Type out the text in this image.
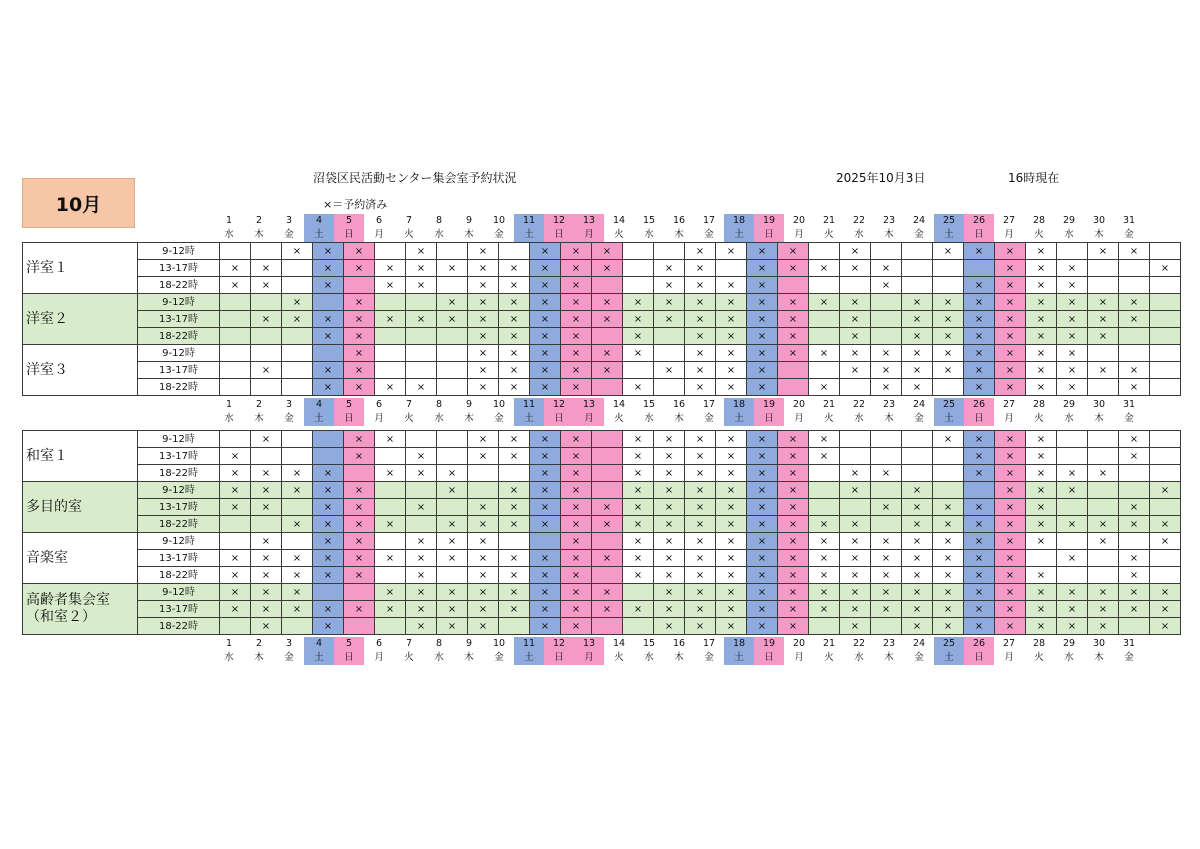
10月
沼袋区民活動センター集会室予約状況
×＝予約済み
2025年10月3日	16時現在
1	2	3	4	5	6	7	8	9	10	11	12	13	14	15	16	17	18	19	20	21	22	23	24	25	26	27	28	29	30	31
水	木	金	土	日	月	火	水	木	金	土	日	月	火	水	木	金	土	日	月	火	水	木	金	土	日	月	火	水	木	金
洋室１	9-12時			×	×	×		×		×		×	×	×			×	×	×	×		×			×	×	×	×		×	×	
	13-17時	×	×		×	×	×	×	×	×	×	×	×	×		×	×		×	×	×	×	×				×	×	×			×
	18-22時	×	×		×		×	×		×	×	×	×			×	×	×	×				×			×	×	×	×			
洋室２	9-12時			×		×			×	×	×	×	×	×	×	×	×	×	×	×	×	×		×	×	×	×	×	×	×	×	
	13-17時		×	×	×	×	×	×	×	×	×	×	×	×	×	×	×	×	×	×		×		×	×	×	×	×	×	×	×	
	18-22時				×	×				×	×	×	×		×		×	×	×	×		×		×	×	×	×	×	×	×		
洋室３	9-12時					×				×	×	×	×	×	×		×	×	×	×	×	×	×	×	×	×	×	×	×			
	13-17時		×		×	×				×	×	×	×	×		×	×	×	×			×	×	×	×	×	×	×	×	×	×	
	18-22時				×	×	×	×		×	×	×	×		×		×	×	×		×		×	×		×	×	×	×		×	
1	2	3	4	5	6	7	8	9	10	11	12	13	14	15	16	17	18	19	20	21	22	23	24	25	26	27	28	29	30	31
水	木	金	土	日	月	火	水	木	金	土	日	月	火	水	木	金	土	日	月	火	水	木	金	土	日	月	火	水	木	金
和室１	9-12時		×			×	×			×	×	×	×		×	×	×	×	×	×	×				×	×	×	×			×	
	13-17時	×				×		×		×	×	×	×		×	×	×	×	×	×	×					×	×	×			×	
	18-22時	×	×	×	×		×	×	×			×	×		×	×	×	×	×	×		×	×			×	×	×	×	×		
多目的室	9-12時	×	×	×	×	×			×		×	×	×		×	×	×	×	×	×		×		×			×	×	×			×
	13-17時	×	×		×	×		×		×	×	×	×	×	×	×	×	×	×	×			×	×	×	×	×	×			×	
	18-22時			×	×	×	×		×	×	×	×	×	×	×	×	×	×	×	×	×	×		×	×	×	×	×	×	×	×	×
音楽室	9-12時		×		×	×		×	×	×			×		×	×	×	×	×	×	×	×	×	×	×	×	×	×		×		×
	13-17時	×	×	×	×	×	×	×	×	×	×	×	×	×	×	×	×	×	×	×	×	×	×	×	×	×	×		×		×	
	18-22時	×	×	×	×	×		×		×	×	×	×		×	×	×	×	×	×	×	×	×	×	×	×	×	×			×	
高齢者集会室 （和室２）	9-12時	×	×	×			×	×	×	×	×	×	×	×		×	×	×	×	×	×	×	×	×	×	×	×	×	×	×	×	×
	13-17時	×	×	×	×	×	×	×	×	×	×	×	×	×	×	×	×	×	×	×	×	×	×	×	×	×	×	×	×	×	×	×
	18-22時		×		×			×	×	×		×	×			×	×	×	×	×		×		×	×	×	×	×	×	×		×
1	2	3	4	5	6	7	8	9	10	11	12	13	14	15	16	17	18	19	20	21	22	23	24	25	26	27	28	29	30	31
水	木	金	土	日	月	火	水	木	金	土	日	月	火	水	木	金	土	日	月	火	水	木	金	土	日	月	火	水	木	金
